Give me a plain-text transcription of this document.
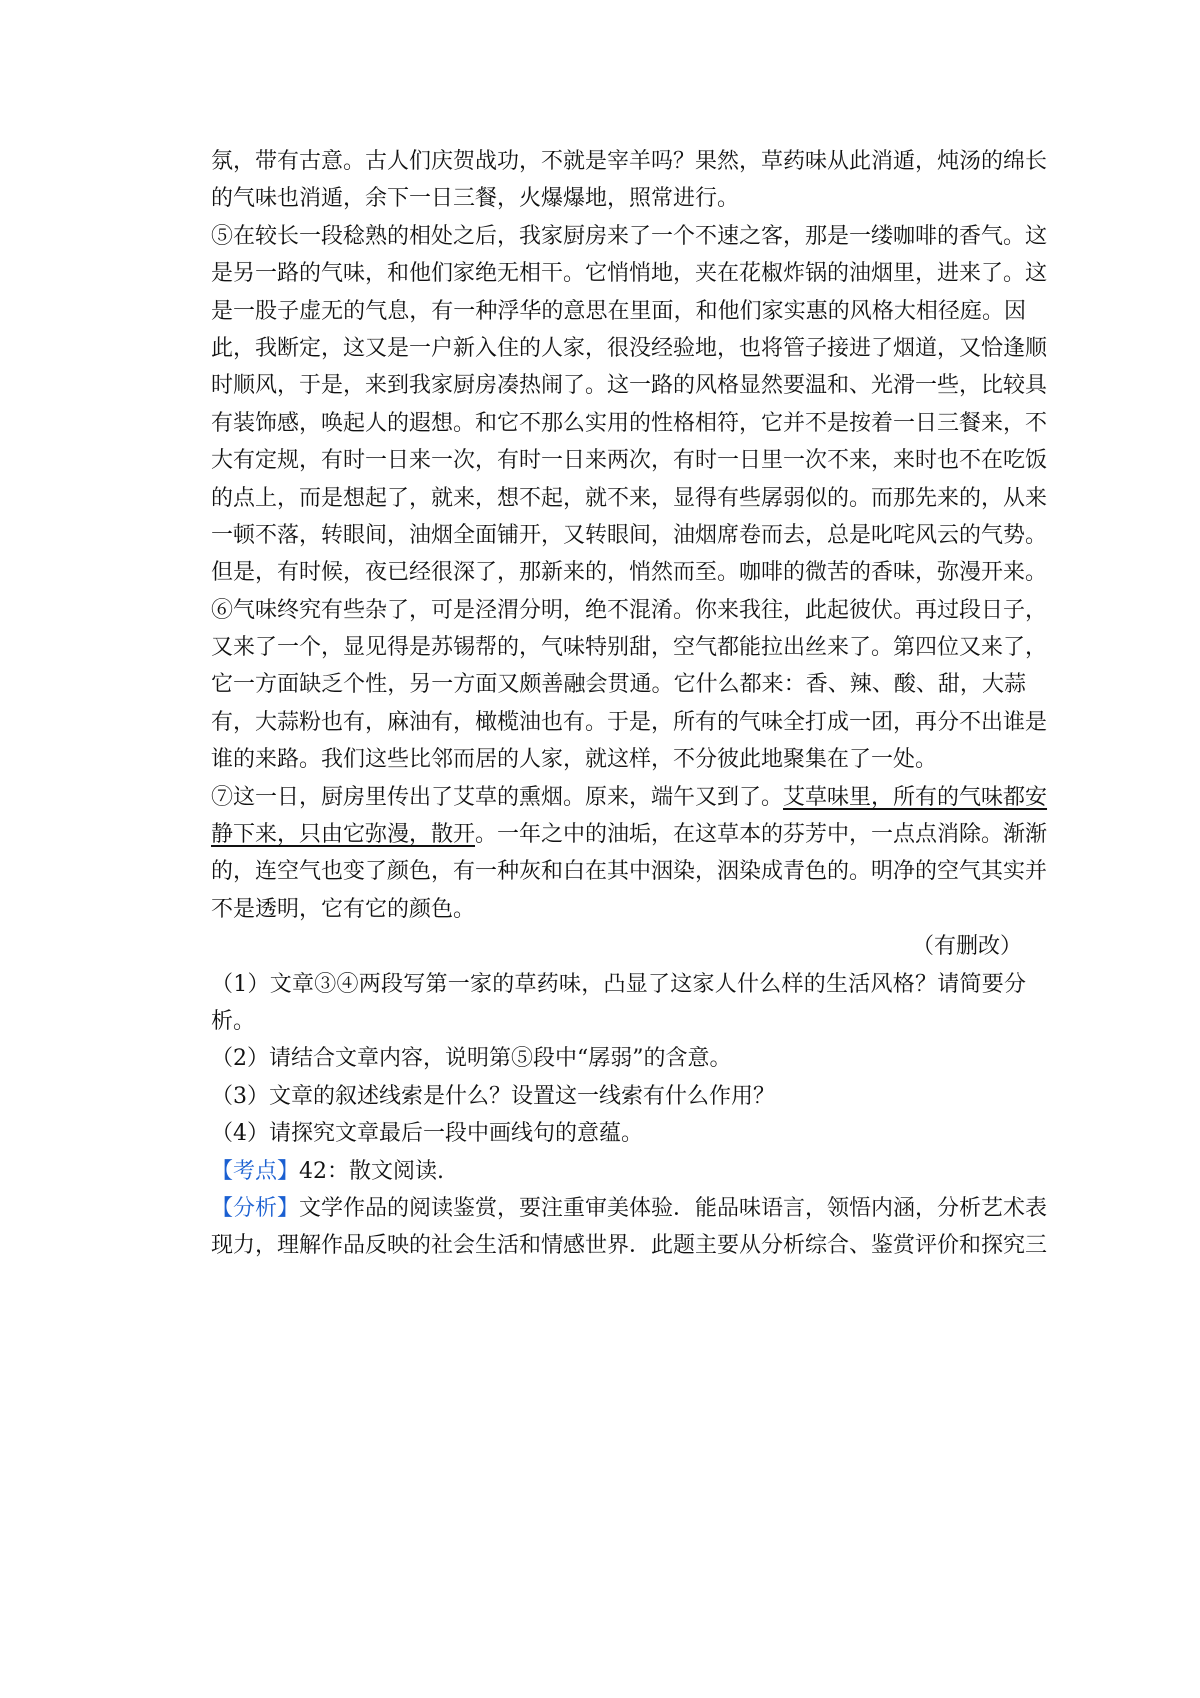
氛，带有古意。古人们庆贺战功，不就是宰羊吗？果然，草药味从此消遁，炖汤的绵长
的气味也消遁，余下一日三餐，火爆爆地，照常进行。
⑤在较长一段稔熟的相处之后，我家厨房来了一个不速之客，那是一缕咖啡的香气。这
是另一路的气味，和他们家绝无相干。它悄悄地，夹在花椒炸锅的油烟里，进来了。这
是一股子虚无的气息，有一种浮华的意思在里面，和他们家实惠的风格大相径庭。因
此，我断定，这又是一户新入住的人家，很没经验地，也将管子接进了烟道，又恰逢顺
时顺风，于是，来到我家厨房凑热闹了。这一路的风格显然要温和、光滑一些，比较具
有装饰感，唤起人的遐想。和它不那么实用的性格相符，它并不是按着一日三餐来，不
大有定规，有时一日来一次，有时一日来两次，有时一日里一次不来，来时也不在吃饭
的点上，而是想起了，就来，想不起，就不来，显得有些孱弱似的。而那先来的，从来
一顿不落，转眼间，油烟全面铺开，又转眼间，油烟席卷而去，总是叱咤风云的气势。
但是，有时候，夜已经很深了，那新来的，悄然而至。咖啡的微苦的香味，弥漫开来。
⑥气味终究有些杂了，可是泾渭分明，绝不混淆。你来我往，此起彼伏。再过段日子，
又来了一个，显见得是苏锡帮的，气味特别甜，空气都能拉出丝来了。第四位又来了，
它一方面缺乏个性，另一方面又颇善融会贯通。它什么都来：香、辣、酸、甜，大蒜
有，大蒜粉也有，麻油有，橄榄油也有。于是，所有的气味全打成一团，再分不出谁是
谁的来路。我们这些比邻而居的人家，就这样，不分彼此地聚集在了一处。
⑦这一日，厨房里传出了艾草的熏烟。原来，端午又到了。艾草味里，所有的气味都安
静下来，只由它弥漫，散开。一年之中的油垢，在这草本的芬芳中，一点点消除。渐渐
的，连空气也变了颜色，有一种灰和白在其中洇染，洇染成青色的。明净的空气其实并
不是透明，它有它的颜色。
（有删改）
（1）文章③④两段写第一家的草药味，凸显了这家人什么样的生活风格？请简要分
析。
（2）请结合文章内容，说明第⑤段中“孱弱”的含意。
（3）文章的叙述线索是什么？设置这一线索有什么作用？
（4）请探究文章最后一段中画线句的意蕴。
【考点】42：散文阅读.
【分析】文学作品的阅读鉴赏，要注重审美体验．能品味语言，领悟内涵，分析艺术表
现力，理解作品反映的社会生活和情感世界．此题主要从分析综合、鉴赏评价和探究三
